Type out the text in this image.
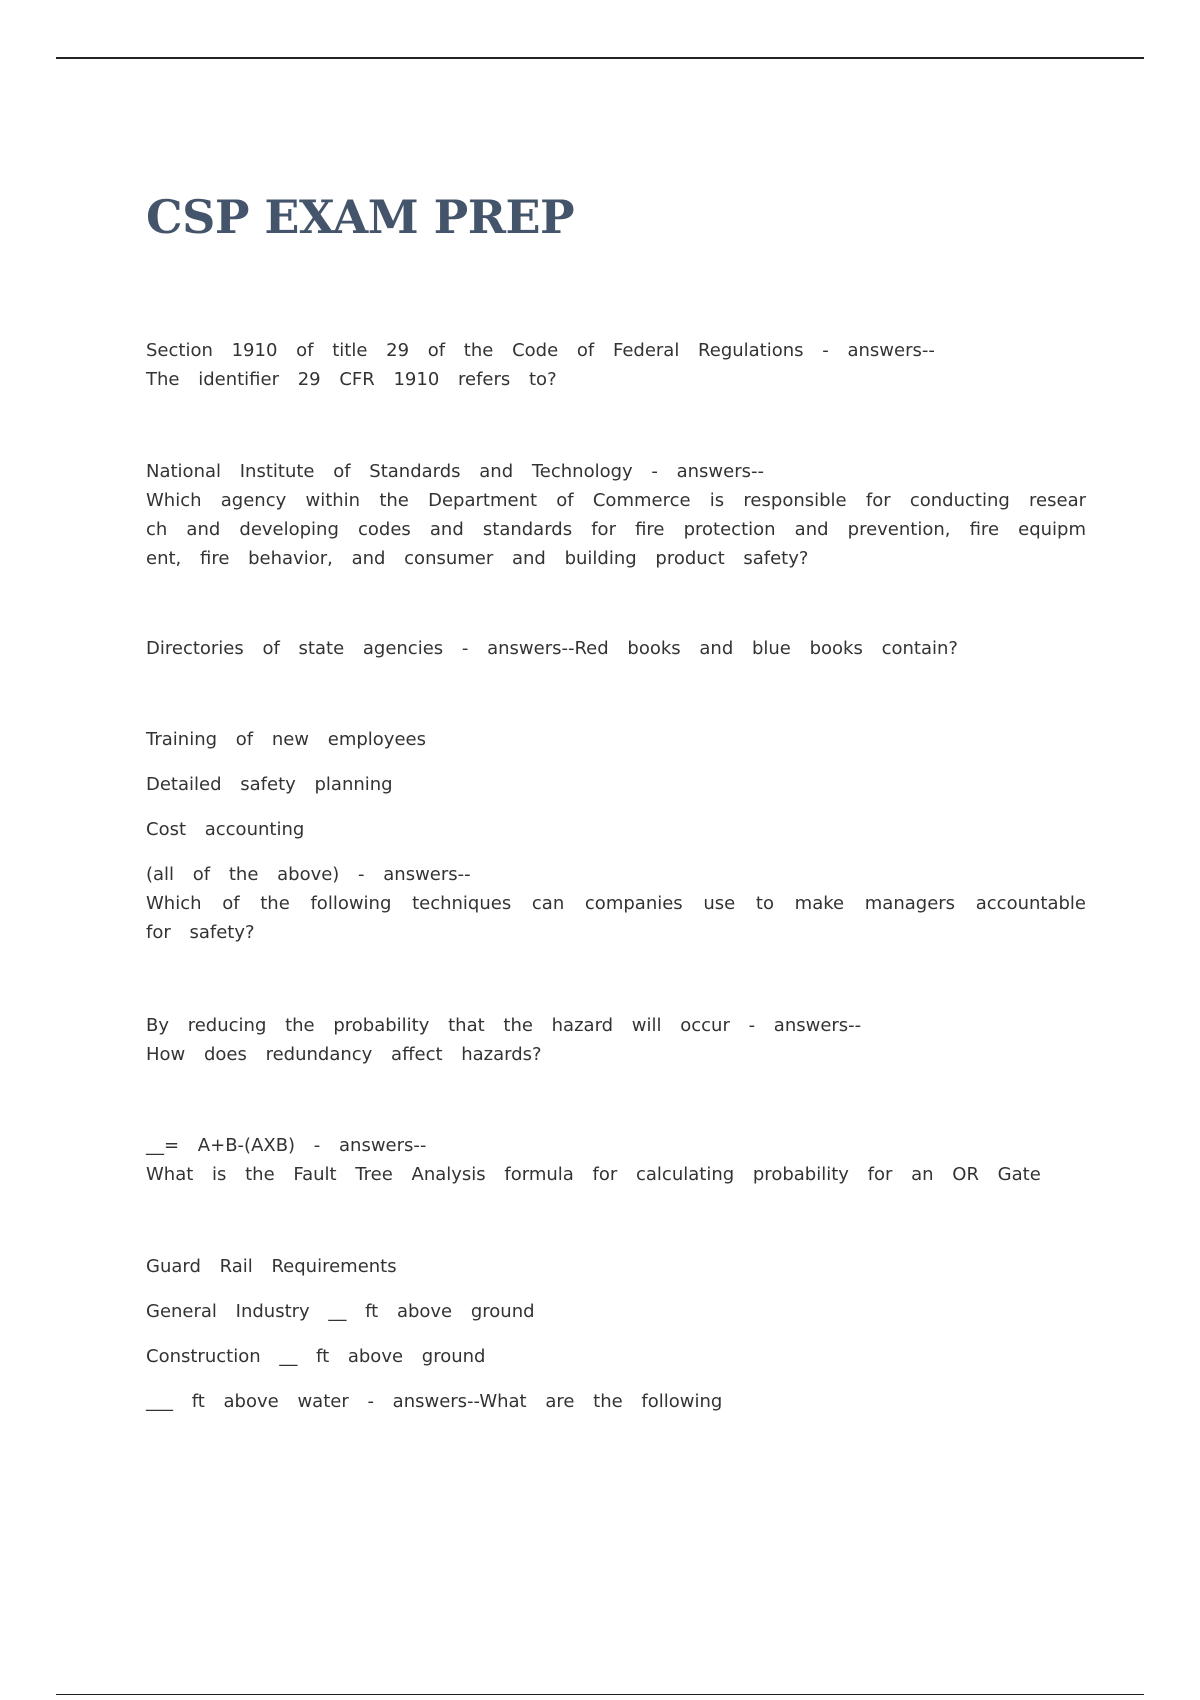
CSP EXAM PREP
Section 1910 of title 29 of the Code of Federal Regulations - answers--
The identifier 29 CFR 1910 refers to?
National Institute of Standards and Technology - answers--
Which agency within the Department of Commerce is responsible for conducting research and developing codes and standards for fire protection and prevention, fire equipment, fire behavior, and consumer and building product safety?
Directories of state agencies - answers--Red books and blue books contain?
Training of new employees
Detailed safety planning
Cost accounting
(all of the above) - answers--
Which of the following techniques can companies use to make managers accountable for safety?
By reducing the probability that the hazard will occur - answers--
How does redundancy affect hazards?
__= A+B-(AXB) - answers--
What is the Fault Tree Analysis formula for calculating probability for an OR Gate
Guard Rail Requirements
General Industry __ ft above ground
Construction __ ft above ground
___ ft above water - answers--What are the following
